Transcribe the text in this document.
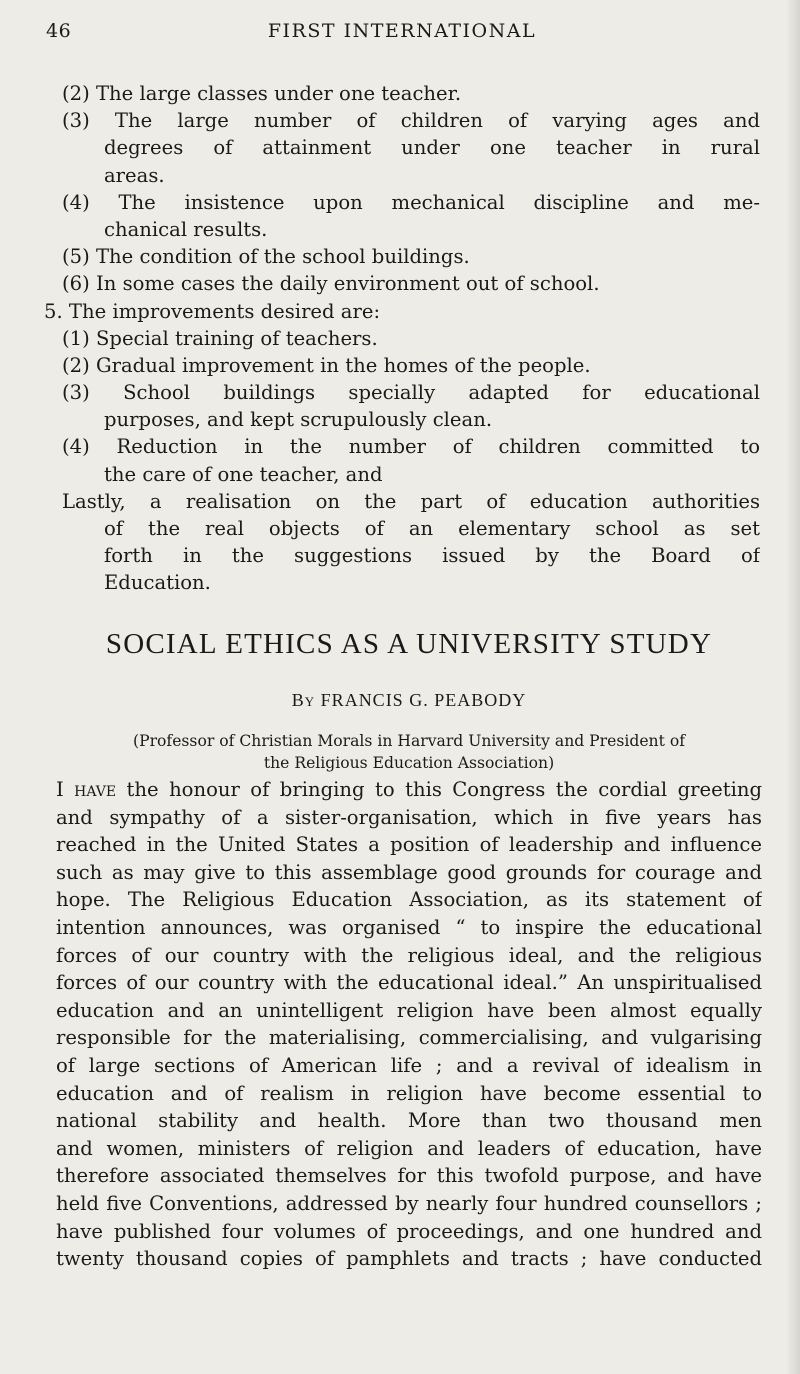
46	FIRST INTERNATIONAL
(2) The large classes under one teacher.
(3) The large number of children of varying ages and
degrees of attainment under one teacher in rural
areas.
(4) The insistence upon mechanical discipline and me-
chanical results.
(5) The condition of the school buildings.
(6) In some cases the daily environment out of school.
5. The improvements desired are:
(1) Special training of teachers.
(2) Gradual improvement in the homes of the people.
(3) School buildings specially adapted for educational
purposes, and kept scrupulously clean.
(4) Reduction in the number of children committed to
the care of one teacher, and
Lastly, a realisation on the part of education authorities
of the real objects of an elementary school as set
forth in the suggestions issued by the Board of
Education.
SOCIAL ETHICS AS A UNIVERSITY STUDY
By FRANCIS G. PEABODY
(Professor of Christian Morals in Harvard University and President of
the Religious Education Association)
I have the honour of bringing to this Congress the cordial greeting
and sympathy of a sister-organisation, which in five years has
reached in the United States a position of leadership and influence
such as may give to this assemblage good grounds for courage and
hope. The Religious Education Association, as its statement of
intention announces, was organised “ to inspire the educational
forces of our country with the religious ideal, and the religious
forces of our country with the educational ideal.” An unspiritualised
education and an unintelligent religion have been almost equally
responsible for the materialising, commercialising, and vulgarising
of large sections of American life ; and a revival of idealism in
education and of realism in religion have become essential to
national stability and health. More than two thousand men
and women, ministers of religion and leaders of education, have
therefore associated themselves for this twofold purpose, and have
held five Conventions, addressed by nearly four hundred counsellors ;
have published four volumes of proceedings, and one hundred and
twenty thousand copies of pamphlets and tracts ; have conducted
